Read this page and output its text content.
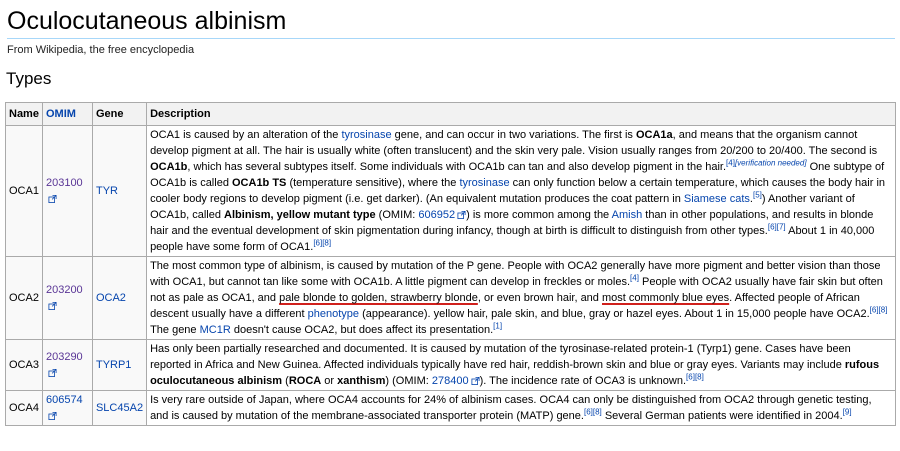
Oculocutaneous albinism
From Wikipedia, the free encyclopedia
Types
Name	OMIM	Gene	Description
OCA1	203100	TYR	OCA1 is caused by an alteration of the tyrosinase gene, and can occur in two variations. The first is OCA1a, and means that the organism cannot develop pigment at all. The hair is usually white (often translucent) and the skin very pale. Vision usually ranges from 20/200 to 20/400. The second is OCA1b, which has several subtypes itself. Some individuals with OCA1b can tan and also develop pigment in the hair.[4][verification needed] One subtype of OCA1b is called OCA1b TS (temperature sensitive), where the tyrosinase can only function below a certain temperature, which causes the body hair in cooler body regions to develop pigment (i.e. get darker). (An equivalent mutation produces the coat pattern in Siamese cats.[5]) Another variant of OCA1b, called Albinism, yellow mutant type (OMIM: 606952 ) is more common among the Amish than in other populations, and results in blonde hair and the eventual development of skin pigmentation during infancy, though at birth is difficult to distinguish from other types.[6][7] About 1 in 40,000 people have some form of OCA1.[6][8]
OCA2	203200	OCA2	The most common type of albinism, is caused by mutation of the P gene. People with OCA2 generally have more pigment and better vision than those with OCA1, but cannot tan like some with OCA1b. A little pigment can develop in freckles or moles.[4] People with OCA2 usually have fair skin but often not as pale as OCA1, and pale blonde to golden, strawberry blonde, or even brown hair, and most commonly blue eyes. Affected people of African descent usually have a different phenotype (appearance). yellow hair, pale skin, and blue, gray or hazel eyes. About 1 in 15,000 people have OCA2.[6][8] The gene MC1R doesn't cause OCA2, but does affect its presentation.[1]
OCA3	203290	TYRP1	Has only been partially researched and documented. It is caused by mutation of the tyrosinase-related protein-1 (Tyrp1) gene. Cases have been reported in Africa and New Guinea. Affected individuals typically have red hair, reddish-brown skin and blue or gray eyes. Variants may include rufous oculocutaneous albinism (ROCA or xanthism) (OMIM: 278400 ). The incidence rate of OCA3 is unknown.[6][8]
OCA4	606574	SLC45A2	Is very rare outside of Japan, where OCA4 accounts for 24% of albinism cases. OCA4 can only be distinguished from OCA2 through genetic testing, and is caused by mutation of the membrane-associated transporter protein (MATP) gene.[6][8] Several German patients were identified in 2004.[9]
